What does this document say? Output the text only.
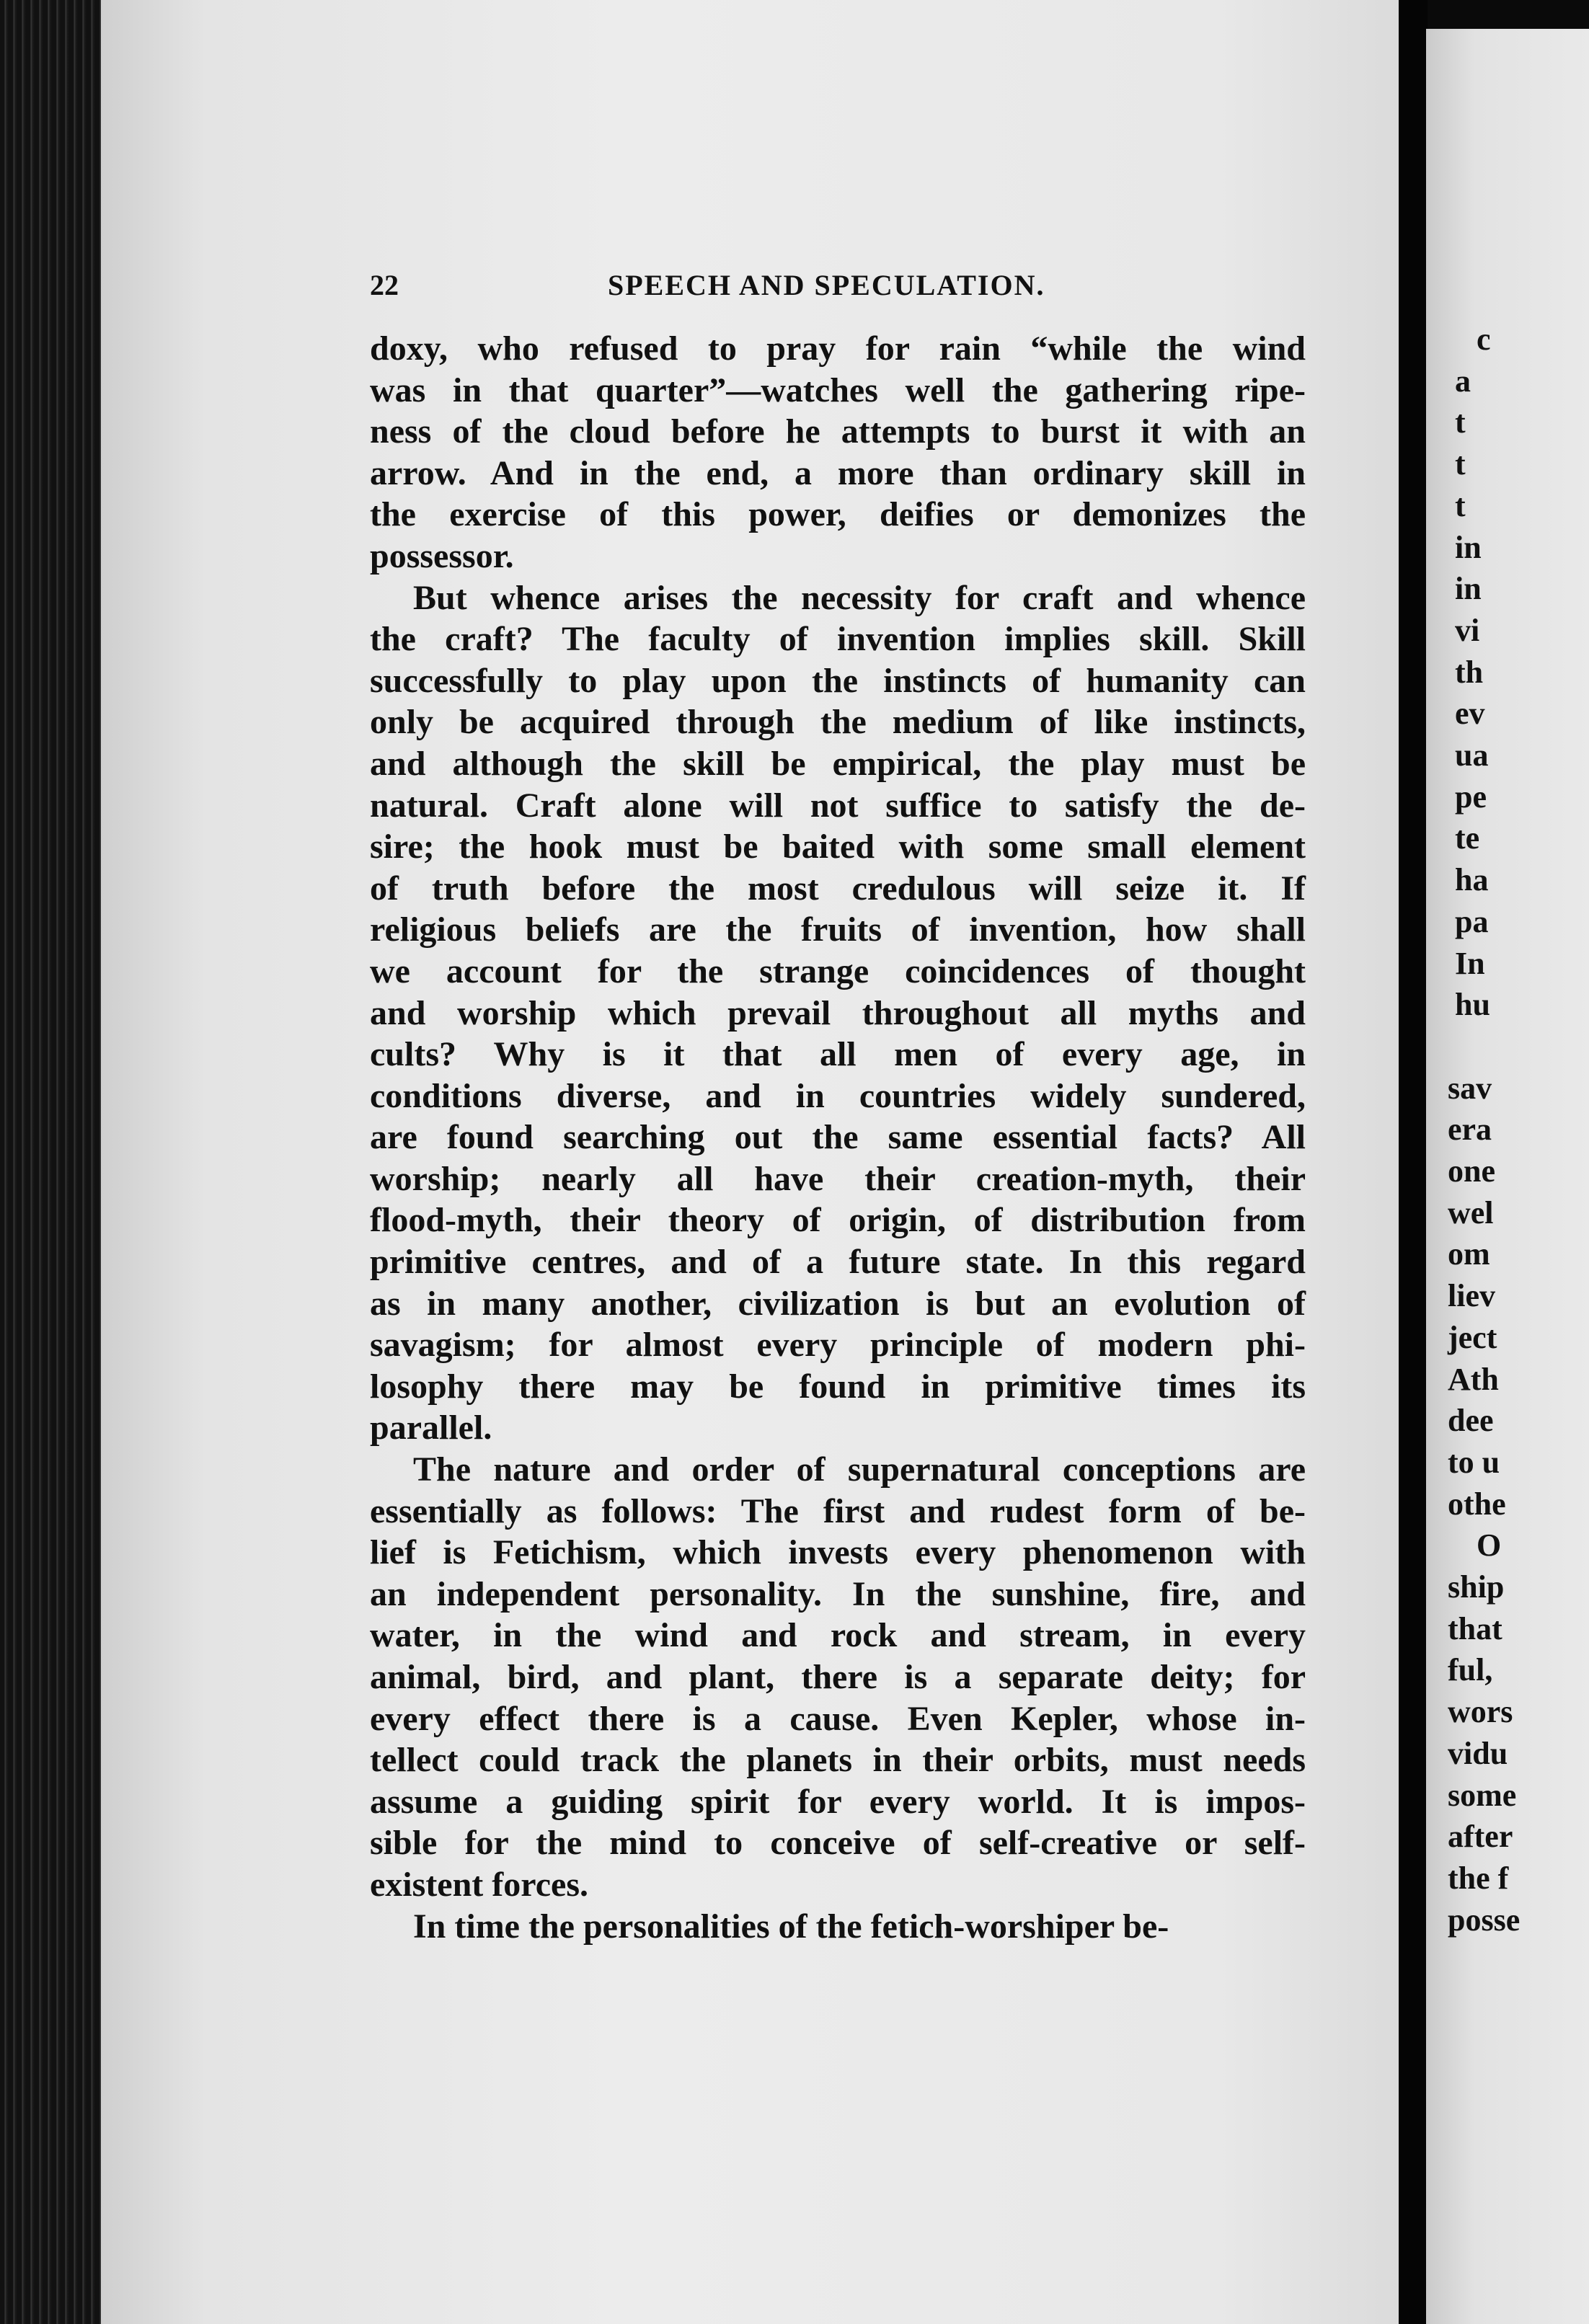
22	SPEECH AND SPECULATION.
doxy, who refused to pray for rain “while the wind
was in that quarter”—watches well the gathering ripe-
ness of the cloud before he attempts to burst it with an
arrow. And in the end, a more than ordinary skill in
the exercise of this power, deifies or demonizes the
possessor.
But whence arises the necessity for craft and whence
the craft? The faculty of invention implies skill. Skill
successfully to play upon the instincts of humanity can
only be acquired through the medium of like instincts,
and although the skill be empirical, the play must be
natural. Craft alone will not suffice to satisfy the de-
sire; the hook must be baited with some small element
of truth before the most credulous will seize it. If
religious beliefs are the fruits of invention, how shall
we account for the strange coincidences of thought
and worship which prevail throughout all myths and
cults? Why is it that all men of every age, in
conditions diverse, and in countries widely sundered,
are found searching out the same essential facts? All
worship; nearly all have their creation-myth, their
flood-myth, their theory of origin, of distribution from
primitive centres, and of a future state. In this regard
as in many another, civilization is but an evolution of
savagism; for almost every principle of modern phi-
losophy there may be found in primitive times its
parallel.
The nature and order of supernatural conceptions are
essentially as follows: The first and rudest form of be-
lief is Fetichism, which invests every phenomenon with
an independent personality. In the sunshine, fire, and
water, in the wind and rock and stream, in every
animal, bird, and plant, there is a separate deity; for
every effect there is a cause. Even Kepler, whose in-
tellect could track the planets in their orbits, must needs
assume a guiding spirit for every world. It is impos-
sible for the mind to conceive of self-creative or self-
existent forces.
In time the personalities of the fetich-worshiper be-
c
a
t
t
t
in
in
vi
th
ev
ua
pe
te
ha
pa
In
hu
sav
era
one
wel
om
liev
ject
Ath
dee
to u
othe
O
ship
that
ful,
wors
vidu
some
after
the f
posse
